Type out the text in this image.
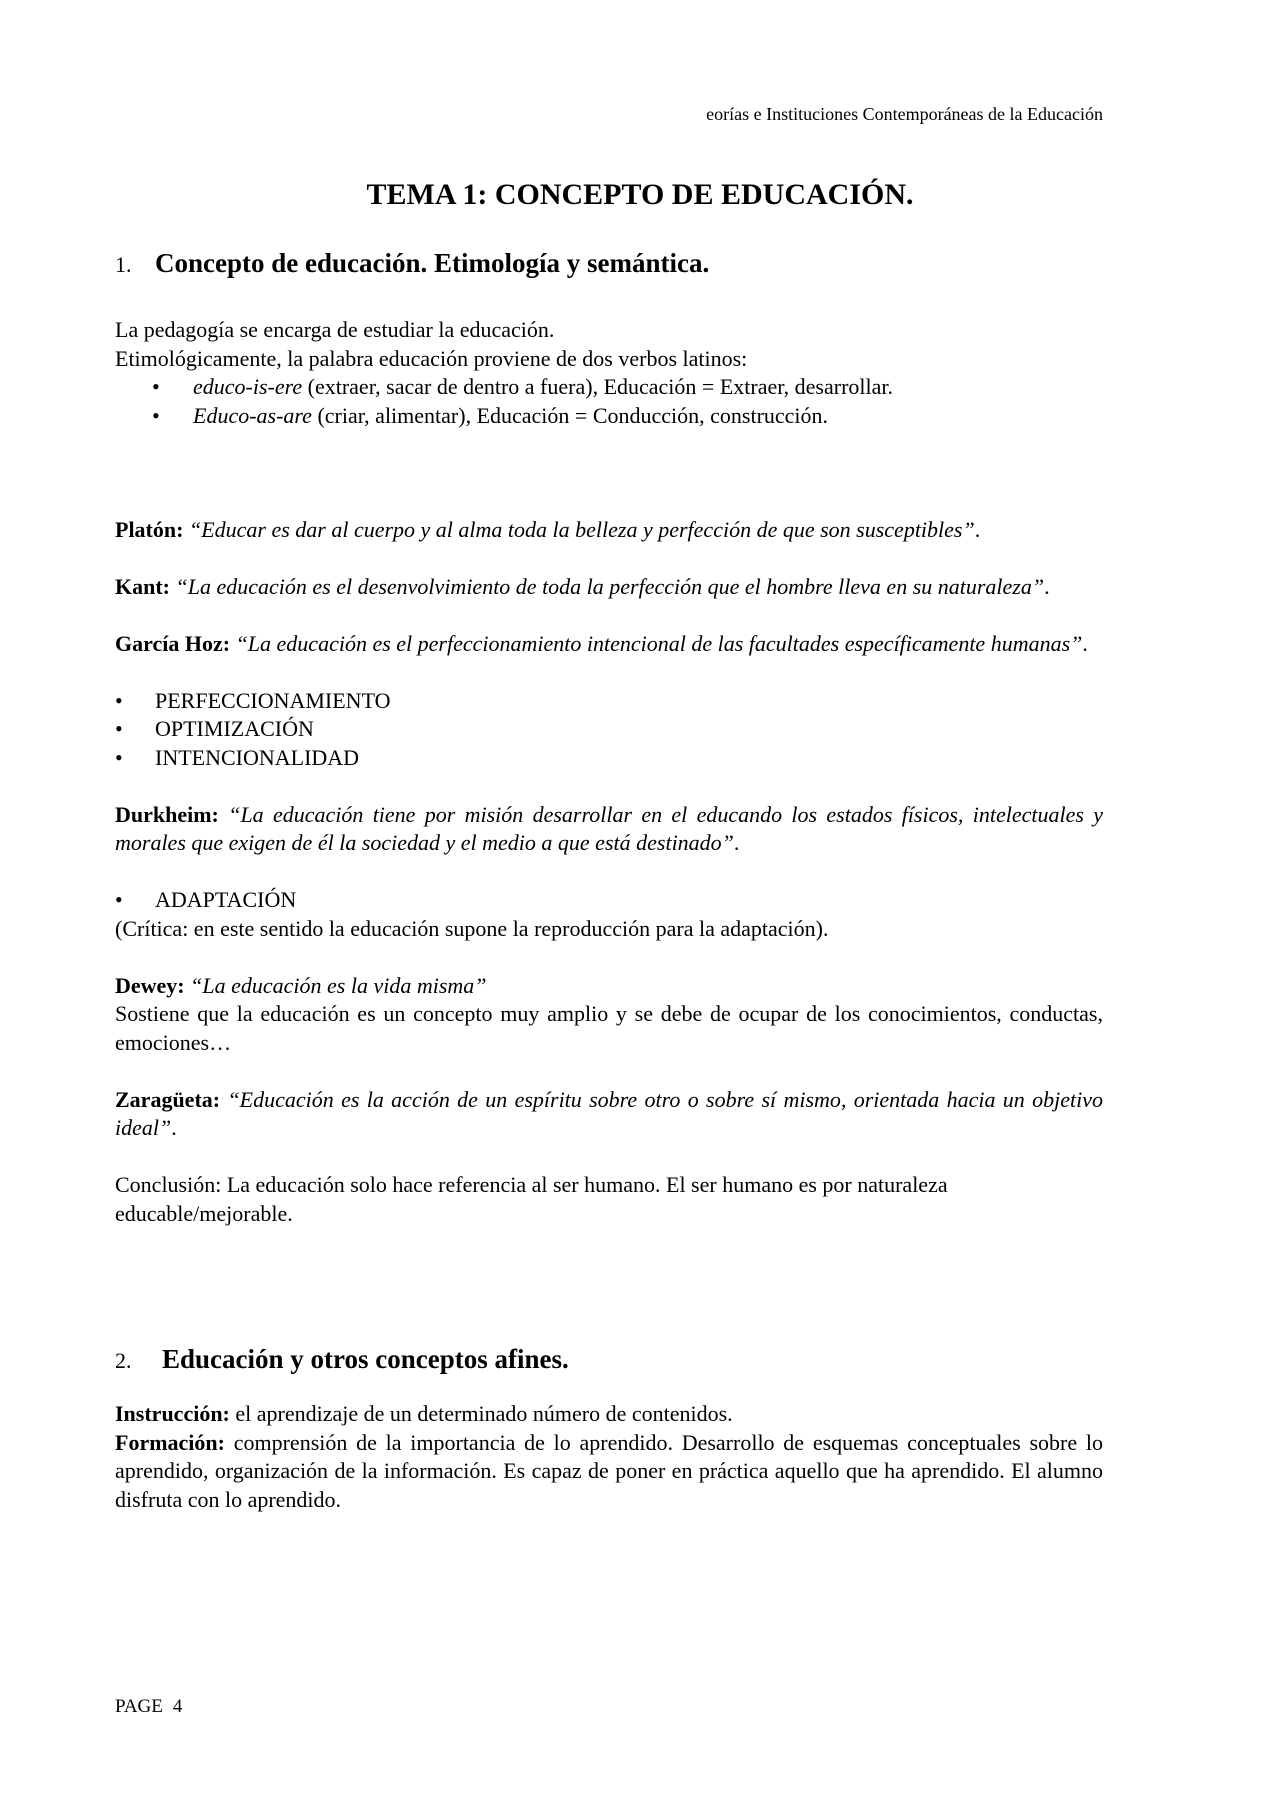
eorías e Instituciones Contemporáneas de la Educación
TEMA 1: CONCEPTO DE EDUCACIÓN.
1. Concepto de educación. Etimología y semántica.

La pedagogía se encarga de estudiar la educación.

Etimológicamente, la palabra educación proviene de dos verbos latinos:

• educo-is-ere (extraer, sacar de dentro a fuera), Educación = Extraer, desarrollar.
• Educo-as-are (criar, alimentar), Educación = Conducción, construcción.

Platón: “Educar es dar al cuerpo y al alma toda la belleza y perfección de que son susceptibles”.

Kant: “La educación es el desenvolvimiento de toda la perfección que el hombre lleva en su naturaleza”.

García Hoz: “La educación es el perfeccionamiento intencional de las facultades específicamente humanas”.

• PERFECCIONAMIENTO
• OPTIMIZACIÓN
• INTENCIONALIDAD

Durkheim: “La educación tiene por misión desarrollar en el educando los estados físicos, intelectuales y morales que exigen de él la sociedad y el medio a que está destinado”.

• ADAPTACIÓN

(Crítica: en este sentido la educación supone la reproducción para la adaptación).

Dewey: “La educación es la vida misma”

Sostiene que la educación es un concepto muy amplio y se debe de ocupar de los conocimientos, conductas, emociones…

Zaragüeta: “Educación es la acción de un espíritu sobre otro o sobre sí mismo, orientada hacia un objetivo ideal”.

Conclusión: La educación solo hace referencia al ser humano. El ser humano es por naturaleza educable/mejorable.

2. Educación y otros conceptos afines.

Instrucción: el aprendizaje de un determinado número de contenidos.

Formación: comprensión de la importancia de lo aprendido. Desarrollo de esquemas conceptuales sobre lo aprendido, organización de la información. Es capaz de poner en práctica aquello que ha aprendido. El alumno disfruta con lo aprendido.

PAGE 4
